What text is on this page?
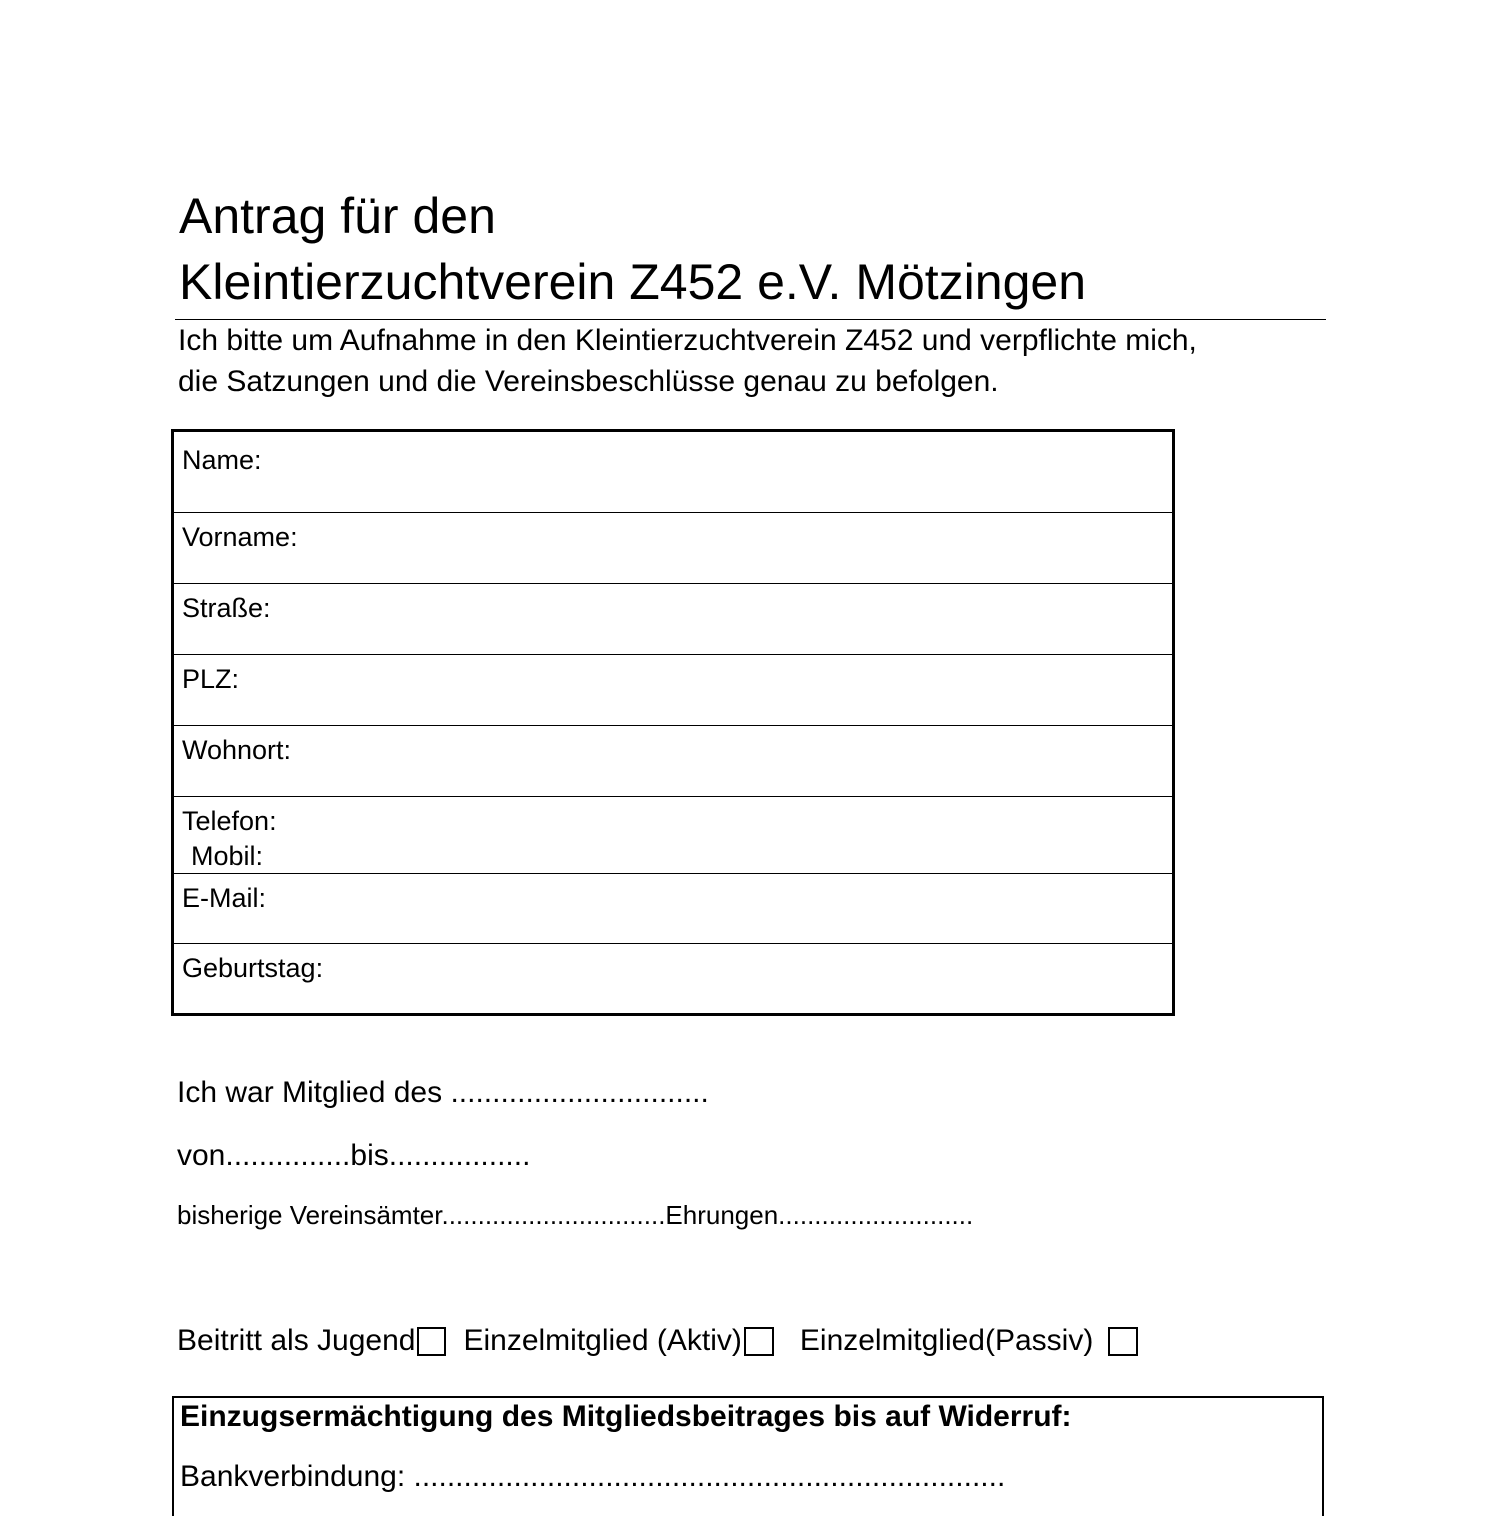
Antrag für den
Kleintierzuchtverein Z452 e.V. Mötzingen

Ich bitte um Aufnahme in den Kleintierzuchtverein Z452 und verpflichte mich,
die Satzungen und die Vereinsbeschlüsse genau zu befolgen.

Name:
Vorname:
Straße:
PLZ:
Wohnort:
Telefon:
Mobil:
E-Mail:
Geburtstag:
Ich war Mitglied des ...............................
von...............bis.................
bisherige Vereinsämter...............................Ehrungen...........................
Beitritt als Jugend Einzelmitglied (Aktiv) Einzelmitglied(Passiv)
Einzugsermächtigung des Mitgliedsbeitrages bis auf Widerruf:
Bankverbindung: .......................................................................
